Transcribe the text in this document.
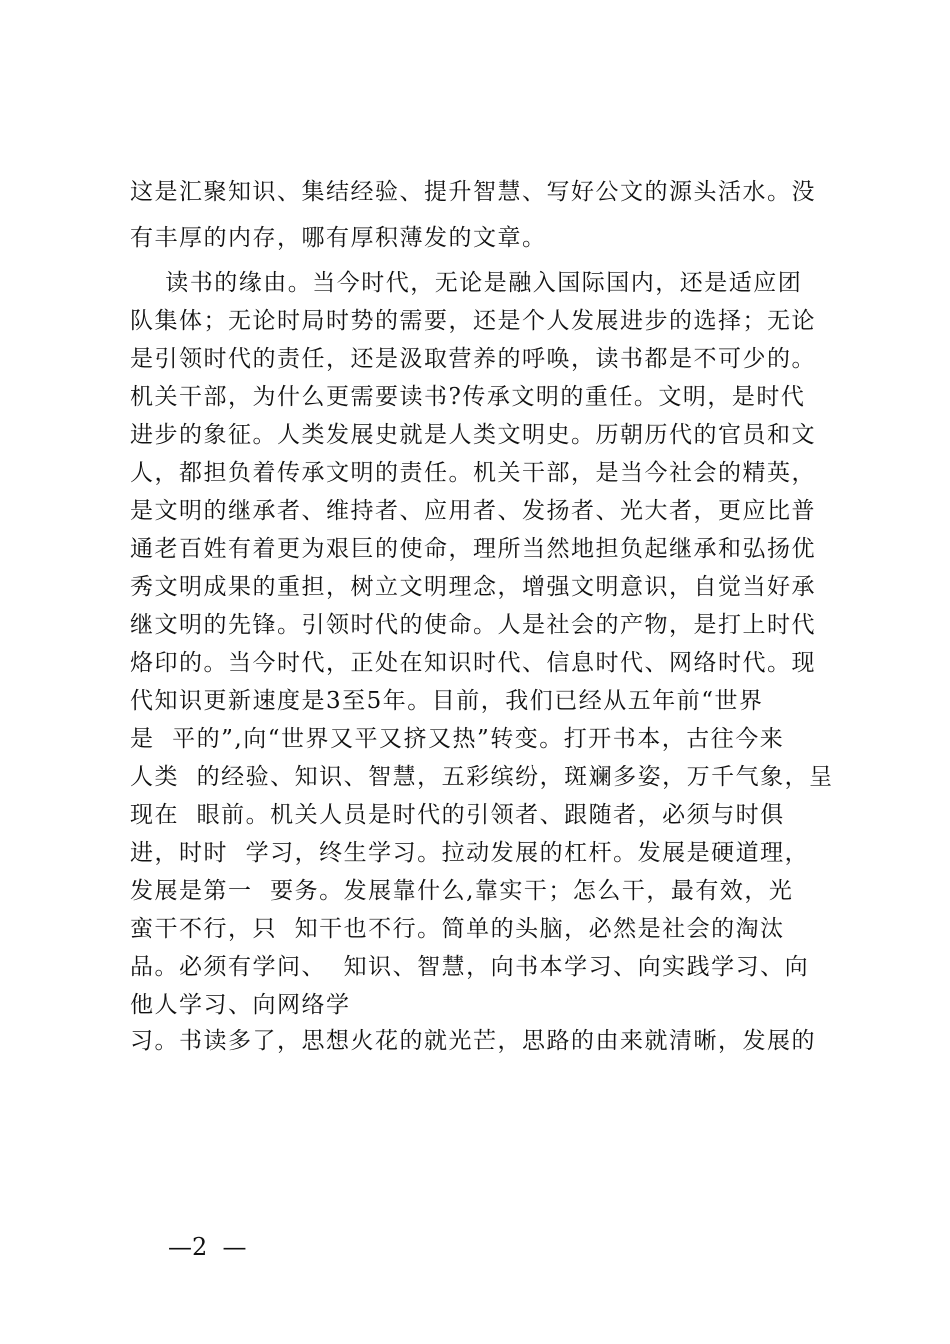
这是汇聚知识、集结经验、提升智慧、写好公文的源头活水。没
有丰厚的内存，哪有厚积薄发的文章。
读书的缘由。当今时代，无论是融入国际国内，还是适应团
队集体；无论时局时势的需要，还是个人发展进步的选择；无论
是引领时代的责任，还是汲取营养的呼唤，读书都是不可少的。
机关干部，为什么更需要读书?传承文明的重任。文明，是时代
进步的象征。人类发展史就是人类文明史。历朝历代的官员和文
人，都担负着传承文明的责任。机关干部，是当今社会的精英，
是文明的继承者、维持者、应用者、发扬者、光大者，更应比普
通老百姓有着更为艰巨的使命，理所当然地担负起继承和弘扬优
秀文明成果的重担，树立文明理念，增强文明意识，自觉当好承
继文明的先锋。引领时代的使命。人是社会的产物，是打上时代
烙印的。当今时代，正处在知识时代、信息时代、网络时代。现
代知识更新速度是3至5年。目前，我们已经从五年前“世界
是  平的”,向“世界又平又挤又热”转变。打开书本，古往今来
人类  的经验、知识、智慧，五彩缤纷，斑斓多姿，万千气象，呈
现在  眼前。机关人员是时代的引领者、跟随者，必须与时俱
进，时时  学习，终生学习。拉动发展的杠杆。发展是硬道理，
发展是第一  要务。发展靠什么,靠实干；怎么干，最有效，光
蛮干不行，只  知干也不行。简单的头脑，必然是社会的淘汰
品。必须有学问、  知识、智慧，向书本学习、向实践学习、向
他人学习、向网络学
习。书读多了，思想火花的就光芒，思路的由来就清晰，发展的
—2  —
